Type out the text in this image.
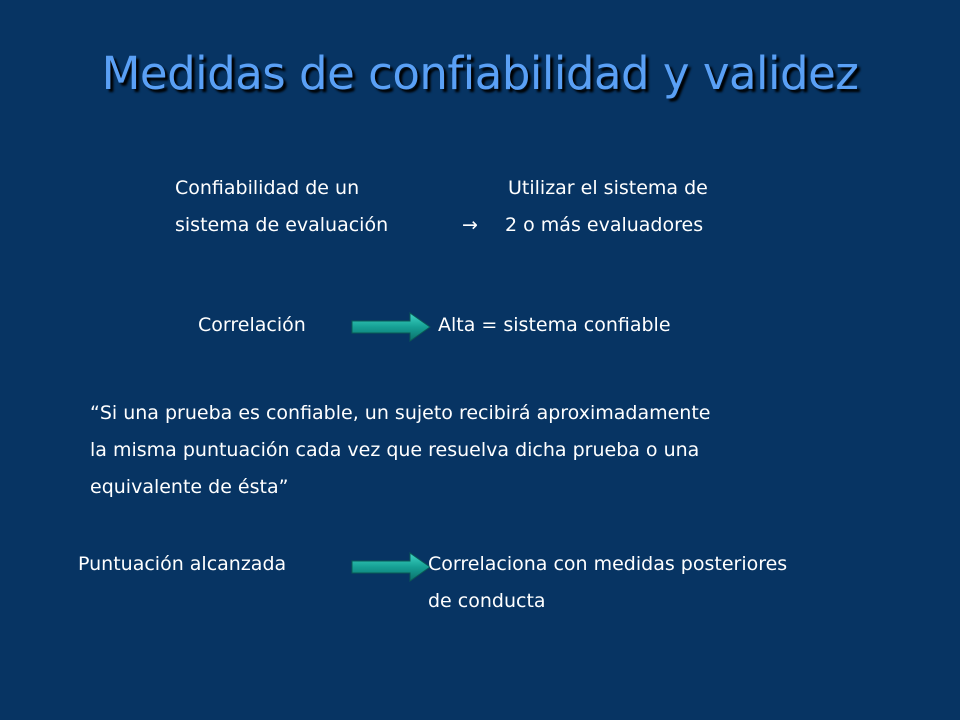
Medidas de confiabilidad y validez
Confiabilidad de un
sistema de evaluación
Utilizar el sistema de
→ 2 o más evaluadores
Correlación	Alta = sistema confiable
“Si una prueba es confiable, un sujeto recibirá aproximadamente
la misma puntuación cada vez que resuelva dicha prueba o una
equivalente de ésta”
Puntuación alcanzada	Correlaciona con medidas posteriores
de conducta
